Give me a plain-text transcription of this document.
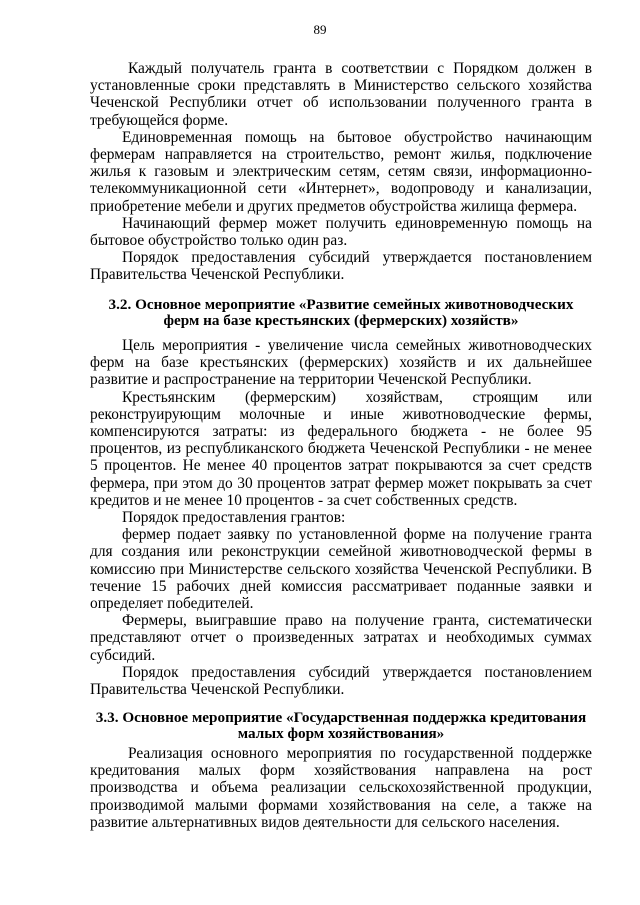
89

Каждый получатель гранта в соответствии с Порядком должен в установленные сроки представлять в Министерство сельского хозяйства Чеченской Республики отчет об использовании полученного гранта в требующейся форме.

Единовременная помощь на бытовое обустройство начинающим фермерам направляется на строительство, ремонт жилья, подключение жилья к газовым и электрическим сетям, сетям связи, информационно-телекоммуникационной сети «Интернет», водопроводу и канализации, приобретение мебели и других предметов обустройства жилища фермера.

Начинающий фермер может получить единовременную помощь на бытовое обустройство только один раз.

Порядок предоставления субсидий утверждается постановлением Правительства Чеченской Республики.

3.2. Основное мероприятие «Развитие семейных животноводческих ферм на базе крестьянских (фермерских) хозяйств»

Цель мероприятия - увеличение числа семейных животноводческих ферм на базе крестьянских (фермерских) хозяйств и их дальнейшее развитие и распространение на территории Чеченской Республики.

Крестьянским (фермерским) хозяйствам, строящим или реконструирующим молочные и иные животноводческие фермы, компенсируются затраты: из федерального бюджета - не более 95 процентов, из республиканского бюджета Чеченской Республики - не менее 5 процентов. Не менее 40 процентов затрат покрываются за счет средств фермера, при этом до 30 процентов затрат фермер может покрывать за счет кредитов и не менее 10 процентов - за счет собственных средств.

Порядок предоставления грантов:

фермер подает заявку по установленной форме на получение гранта для создания или реконструкции семейной животноводческой фермы в комиссию при Министерстве сельского хозяйства Чеченской Республики. В течение 15 рабочих дней комиссия рассматривает поданные заявки и определяет победителей.

Фермеры, выигравшие право на получение гранта, систематически представляют отчет о произведенных затратах и необходимых суммах субсидий.

Порядок предоставления субсидий утверждается постановлением Правительства Чеченской Республики.

3.3. Основное мероприятие «Государственная поддержка кредитования малых форм хозяйствования»

Реализация основного мероприятия по государственной поддержке кредитования малых форм хозяйствования направлена на рост производства и объема реализации сельскохозяйственной продукции, производимой малыми формами хозяйствования на селе, а также на развитие альтернативных видов деятельности для сельского населения.
